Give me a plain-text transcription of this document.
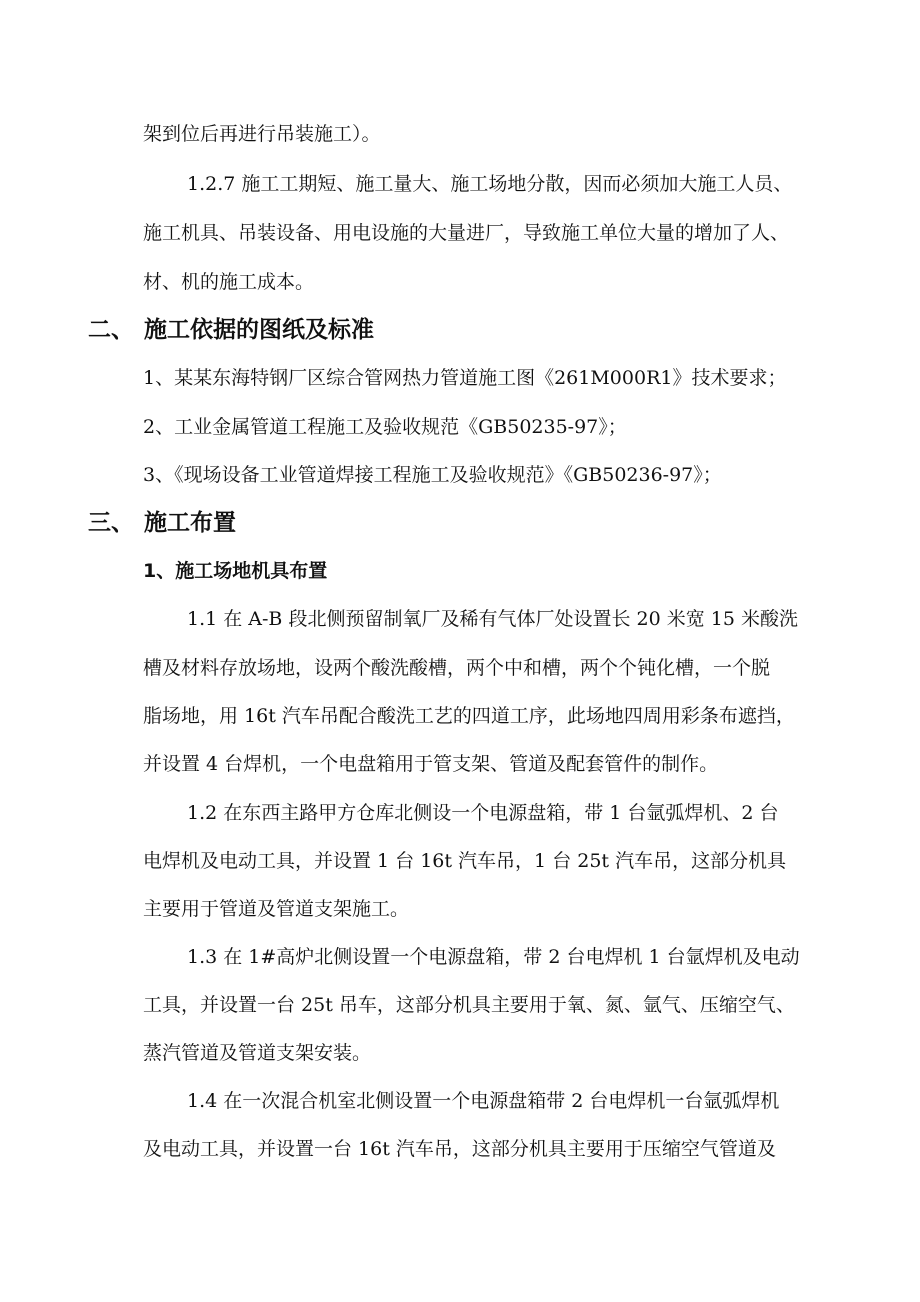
架到位后再进行吊装施工）。
1.2.7 施工工期短、施工量大、施工场地分散，因而必须加大施工人员、
施工机具、吊装设备、用电设施的大量进厂，导致施工单位大量的增加了人、
材、机的施工成本。
二、 施工依据的图纸及标准
1、某某东海特钢厂区综合管网热力管道施工图《261M000R1》技术要求；
2、工业金属管道工程施工及验收规范《GB50235-97》；
3、《现场设备工业管道焊接工程施工及验收规范》《GB50236-97》；
三、 施工布置
1、施工场地机具布置
1.1 在 A-B 段北侧预留制氧厂及稀有气体厂处设置长 20 米宽 15 米酸洗
槽及材料存放场地，设两个酸洗酸槽，两个中和槽，两个个钝化槽，一个脱
脂场地，用 16t 汽车吊配合酸洗工艺的四道工序，此场地四周用彩条布遮挡，
并设置 4 台焊机，一个电盘箱用于管支架、管道及配套管件的制作。
1.2 在东西主路甲方仓库北侧设一个电源盘箱，带 1 台氩弧焊机、2 台
电焊机及电动工具，并设置 1 台 16t 汽车吊，1 台 25t 汽车吊，这部分机具
主要用于管道及管道支架施工。
1.3 在 1#高炉北侧设置一个电源盘箱，带 2 台电焊机 1 台氩焊机及电动
工具，并设置一台 25t 吊车，这部分机具主要用于氧、氮、氩气、压缩空气、
蒸汽管道及管道支架安装。
1.4 在一次混合机室北侧设置一个电源盘箱带 2 台电焊机一台氩弧焊机
及电动工具，并设置一台 16t 汽车吊，这部分机具主要用于压缩空气管道及
